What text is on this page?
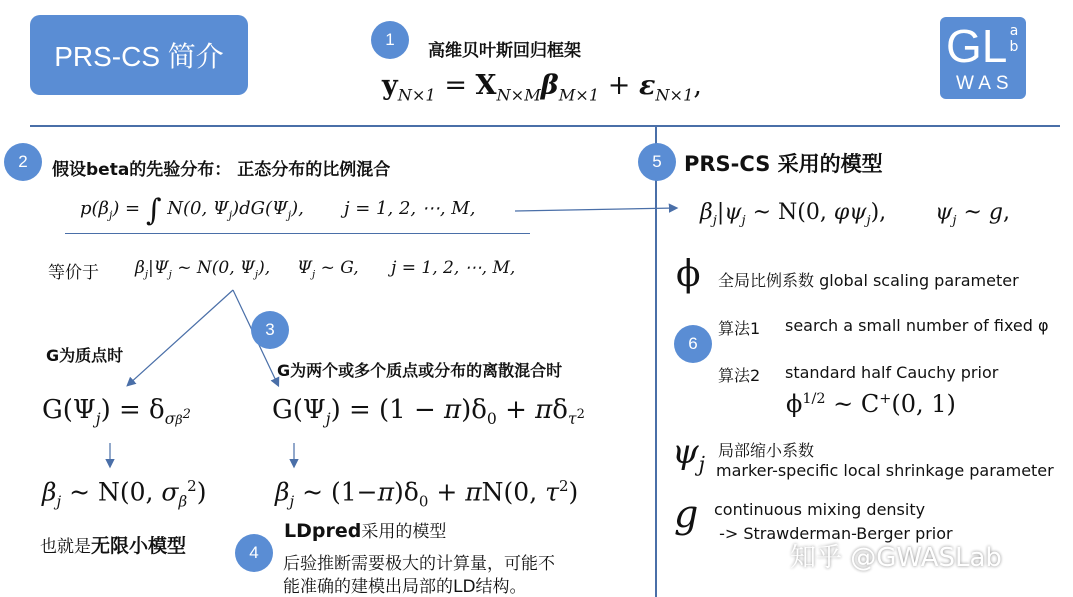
PRS-CS 简介
1
高维贝叶斯回归框架
$y_{N\times 1} = X_{N\times M}\beta_{M\times 1} + \varepsilon_{N\times 1}$,
GL a
b
WAS
2	假设beta的先验分布： 正态分布的比例混合
$p(\beta_j)$ = ∫ N(0, $\Psi_j)dG(\Psi_j)$,       j = 1, 2, ⋯, M,
等价于 $\beta_j|\Psi_j$ ~ N(0, $\Psi_j$),     $\Psi_j$ ~ G,      j = 1, 2, ⋯, M,
3
G为质点时
G为两个或多个质点或分布的离散混合时
$G(\Psi_j) = \delta_{\sigma\beta^2}$	$G(\Psi_j) = (1 - \pi)\delta_0 + \pi\delta_{\tau^2}$
$\beta_j$ ~ N(0, $\sigma_\beta^2$)	$\beta_j$ ~ $(1-\pi)\delta_0 + \pi N(0$, $\tau^2$)
也就是无限小模型
LDpred采用的模型
4
后验推断需要极大的计算量，可能不
能准确的建模出局部的LD结构。
5	PRS-CS 采用的模型
$\beta_j|\psi_j$ ~ N(0, $\varphi\psi_j$),       $\psi_j$ ~ g,
ϕ 全局比例系数 global scaling parameter
6
算法1 search a small number of fixed φ
算法2 standard half Cauchy prior
$\phi^{1/2}$ ~ C+(0, 1)
$\psi_j$
局部缩小系数
marker-specific local shrinkage parameter
g continuous mixing density
-> Strawderman-Berger prior
知乎 @GWASLab
